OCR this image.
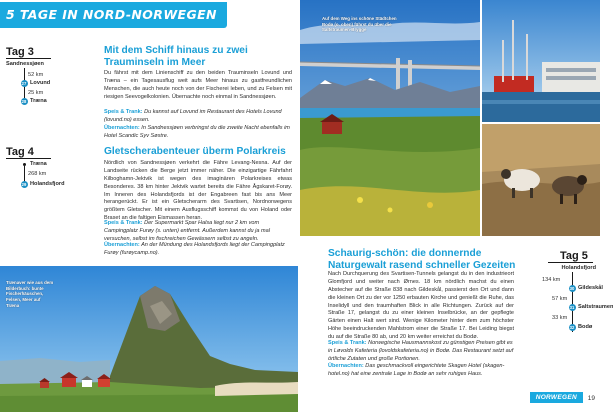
5 TAGE IN NORD-NORWEGEN
Tag 3
Sandnessjøen
52 km
27 Lovund
25 km
28 Træna
Mit dem Schiff hinaus zu zwei Trauminseln im Meer
Du fährst mit dem Linienschiff zu den beiden Trauminseln Lovund und Træna – ein Tagesausflug weit aufs Meer hinaus zu gastfreundlichen Menschen, die auch heute noch von der Fischerei leben, und zu Felsen mit riesigen Seevogelkolonien. Übernachte noch einmal in Sandnessjøen.
Speis & Trank: Du kannst auf Lovund im Restaurant des Hotels Lovund (lovund.no) essen.
Übernachten: In Sandnessjøen verbringst du die zweite Nacht ebenfalls im Hotel Scandic Syv Søstre.
Tag 4
Træna
268 km
29 Holandsfjord
Gletscherabenteuer überm Polarkreis
Nördlich von Sandnessjøen verkehrt die Fähre Levang-Nesna. Auf der Landseite rücken die Berge jetzt immer näher. Die einzigartige Fährfahrt Kilboghamn-Jektvik ist wegen des imaginären Polarkreises etwas Besonderes. 38 km hinter Jektvik wartet bereits die Fähre Ågskaret-Forøy. Im Inneren des Holandsfjords ist der Engabreen fast bis ans Meer herangerückt. Er ist ein Gletscherarm des Svartisen, Nordnorwegens größtem Gletscher. Mit einem Ausflugsschiff kommst du von Holand oder Braset an die faltigen Eismassen heran.
Speis & Trank: Der Supermarkt Spar Halsa liegt nur 2 km vom Campingplatz Furøy (s. unten) entfernt. Außerdem kannst du ja mal versuchen, selbst im fischreichen Gewässern selbst zu angeln.
Übernachten: An der Mündung des Holandsfjords liegt der Campingplatz Furøy (furøycamp.no).
Trænaver wie aus dem Bilderbuch: bunte Fischerhäuschen, Felsen, Meer auf Træna
Auf dem Weg ins schöne Städtchen Bodø (o. oben) führst du über die Saltstraumen-Brygge
Schaurig-schön: die donnernde Naturgewalt rasend schneller Gezeiten
Nach Durchquerung des Svartisen-Tunnels gelangst du in den industrieort Glomfjord und weiter nach Ørnes. 18 km nördlich machst du einen Abstecher auf die Straße 838 nach Gildeskål, passierst den Ort und dann die kleinen Ort zu der vor 1250 erbauten Kirche und genießt die Ruhe, das Inselidyll und den traumhaften Blick in alle Richtungen. Zurück auf der Straße 17, gelangst du zu einer kleinen Inselbrücke, an der gepflegte Gärten einen Halt wert sind. Wenige Kilometer hinter dem zum höchster Höhe beeindruckenden Mahlstrom einer die Straße 17. Bei Leiding biegst du auf die Straße 80 ab, und 20 km weiter erreichst du Bodø.
Speis & Trank: Norwegische Hausmannskost zu günstigen Preisen gibt es in Løvolds Kafeteria (lovoldskafeteria.no) in Bodø. Das Restaurant setzt auf örtliche Zutaten und große Portionen.
Übernachten: Das geschmackvoll eingerichtete Skagen Hotel (skagen-hotel.no) hat eine zentrale Lage in Bodø an sehr ruhiges Haus.
Tag 5
Holandsfjord
134 km
30 Gildeskål
57 km
31 Saltstraumen
33 km
32 Bodø
NORWEGEN	19
